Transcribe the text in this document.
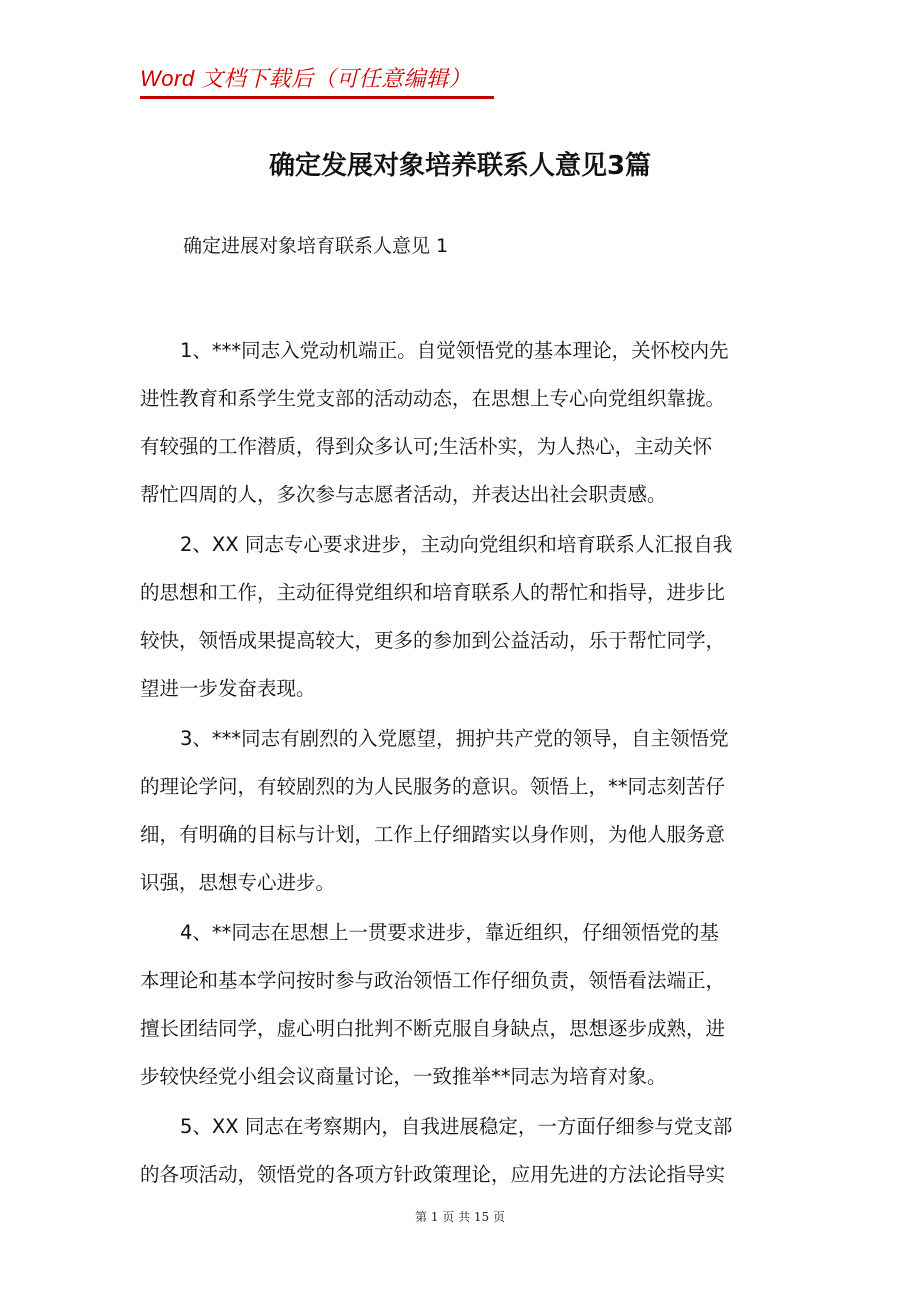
Word 文档下载后（可任意编辑）
确定发展对象培养联系人意见3篇
确定进展对象培育联系人意见 1
1、***同志入党动机端正。自觉领悟党的基本理论，关怀校内先
进性教育和系学生党支部的活动动态，在思想上专心向党组织靠拢。
有较强的工作潜质，得到众多认可;生活朴实，为人热心，主动关怀
帮忙四周的人，多次参与志愿者活动，并表达出社会职责感。
2、XX 同志专心要求进步，主动向党组织和培育联系人汇报自我
的思想和工作，主动征得党组织和培育联系人的帮忙和指导，进步比
较快，领悟成果提高较大，更多的参加到公益活动，乐于帮忙同学，
望进一步发奋表现。
3、***同志有剧烈的入党愿望，拥护共产党的领导，自主领悟党
的理论学问，有较剧烈的为人民服务的意识。领悟上，**同志刻苦仔
细，有明确的目标与计划，工作上仔细踏实以身作则，为他人服务意
识强，思想专心进步。
4、**同志在思想上一贯要求进步，靠近组织，仔细领悟党的基
本理论和基本学问按时参与政治领悟工作仔细负责，领悟看法端正，
擅长团结同学，虚心明白批判不断克服自身缺点，思想逐步成熟，进
步较快经党小组会议商量讨论，一致推举**同志为培育对象。
5、XX 同志在考察期内，自我进展稳定，一方面仔细参与党支部
的各项活动，领悟党的各项方针政策理论，应用先进的方法论指导实
第 1 页 共 15 页
